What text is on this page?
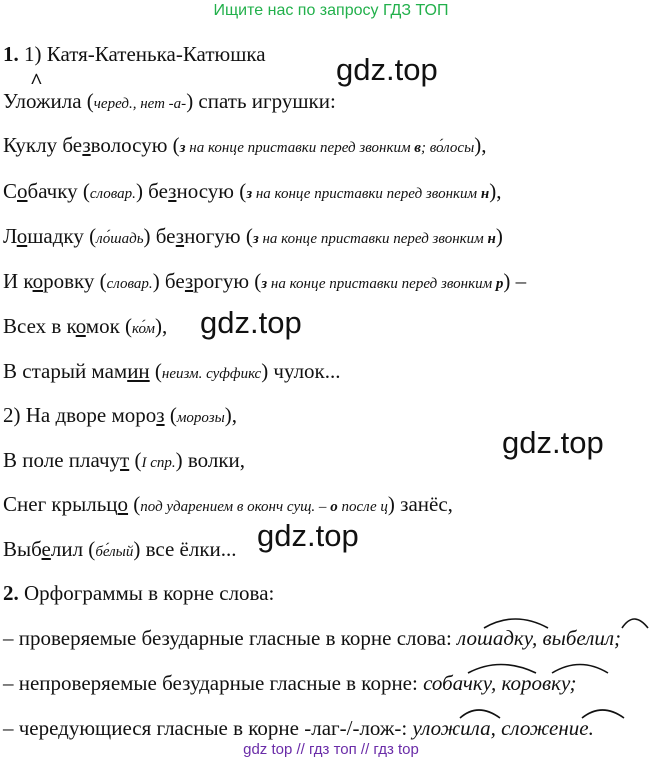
Ищите нас по запросу ГДЗ ТОП
1. 1) Катя-Катенька-Катюшка
^
Уложила (черед., нет -а-) спать игрушки:
Куклу безволосую (з на конце приставки перед звонким в; во́лосы),
Собачку (словар.) безносую (з на конце приставки перед звонким н),
Лошадку (ло́шадь) безногую (з на конце приставки перед звонким н)
И коровку (словар.) безрогую (з на конце приставки перед звонким р) –
Всех в комок (ко́м),
В старый мамин (неизм. суффикс) чулок...
2) На дворе мороз (морозы),
В поле плачут (I спр.) волки,
Снег крыльцо (под ударением в оконч сущ. – о после ц) занёс,
Выбелил (бе́лый) все ёлки...
2. Орфограммы в корне слова:
– проверяемые безударные гласные в корне слова: лошадку, выбелил;
– непроверяемые безударные гласные в корне: собачку, коровку;
– чередующиеся гласные в корне -лаг-/-лож-: уложила, сложение.
gdz.top
gdz.top
gdz.top
gdz.top
gdz top // гдз топ // гдз top
